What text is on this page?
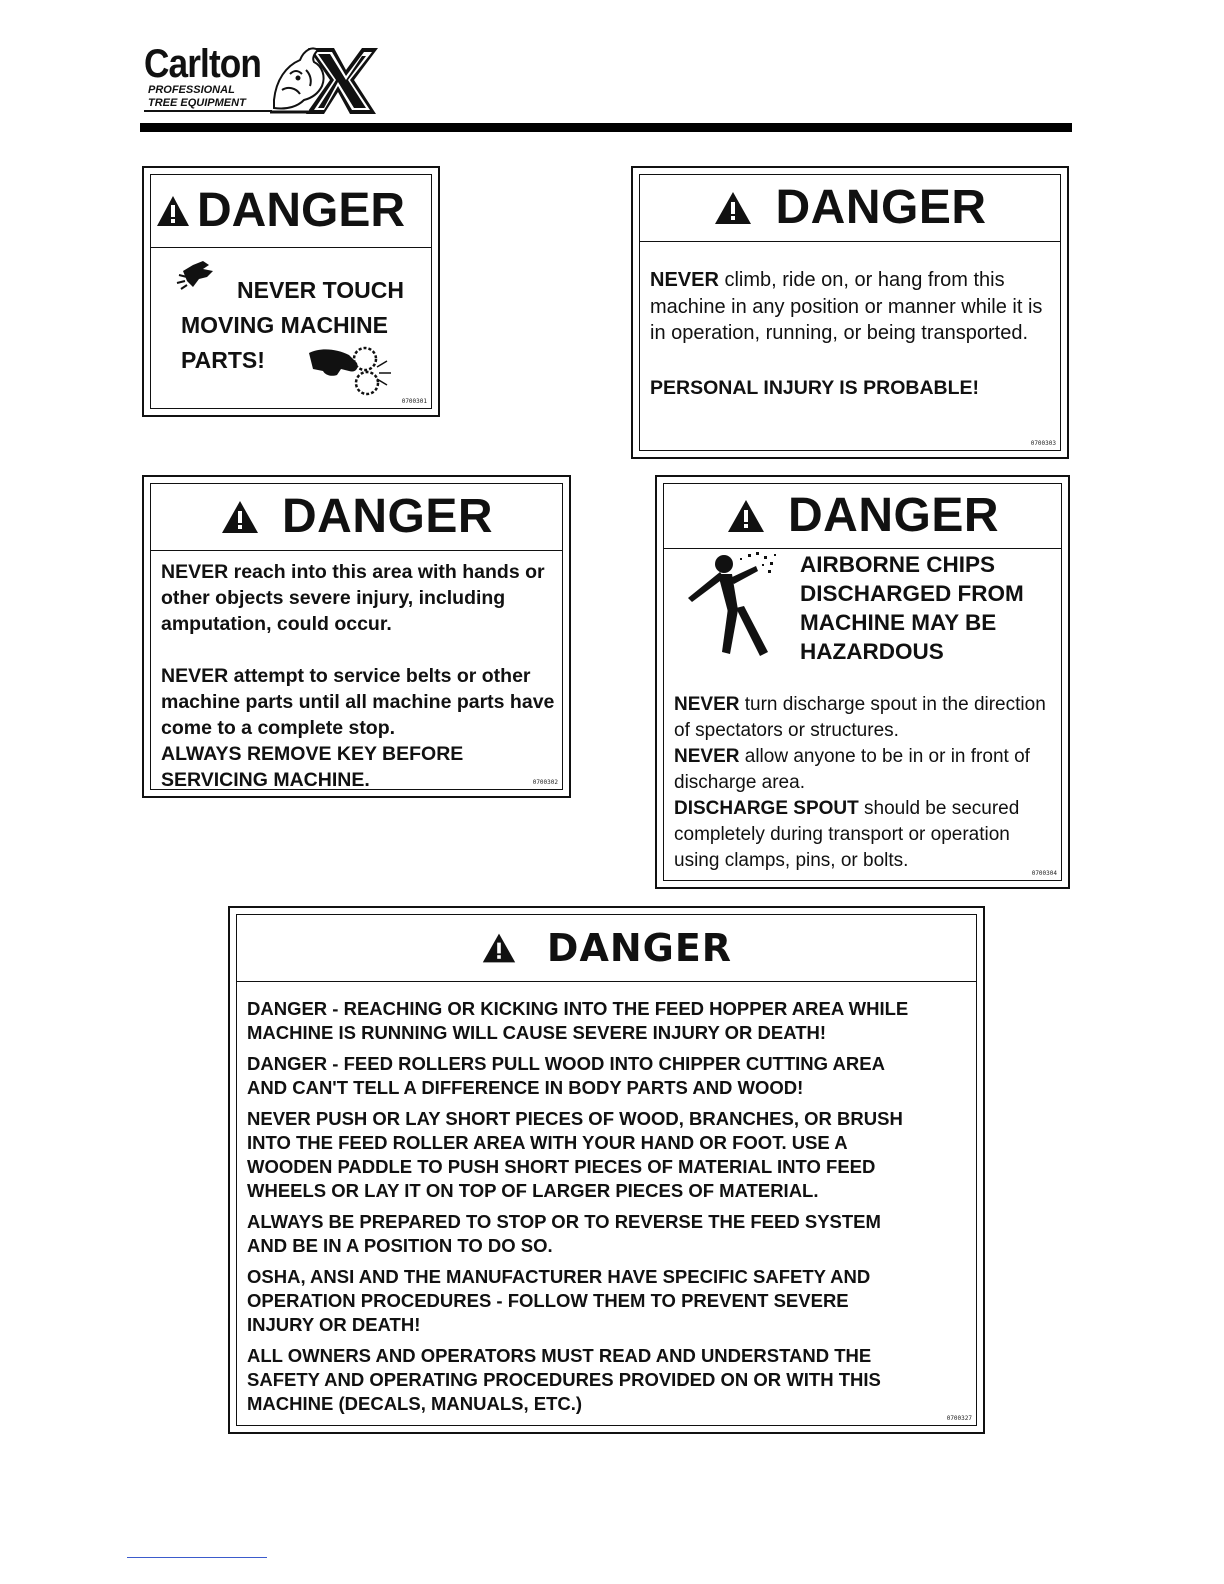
Carlton
PROFESSIONAL
TREE EQUIPMENT
DANGER

NEVER TOUCH

MOVING MACHINE

PARTS!

0700301
DANGER

NEVER climb, ride on, or hang from this machine in any position or manner while it is in operation, running, or being transported.

PERSONAL INJURY IS PROBABLE!

0700303
DANGER

NEVER reach into this area with hands or other objects severe injury, including amputation, could occur.

NEVER attempt to service belts or other machine parts until all machine parts have come to a complete stop.

ALWAYS REMOVE KEY BEFORE SERVICING MACHINE.	0700302
DANGER

AIRBORNE CHIPS

DISCHARGED FROM

MACHINE MAY BE

HAZARDOUS

NEVER turn discharge spout in the direction of spectators or structures.

NEVER allow anyone to be in or in front of discharge area.

DISCHARGE SPOUT should be secured completely during transport or operation using clamps, pins, or bolts.

0700304
DANGER

DANGER - REACHING OR KICKING INTO THE FEED HOPPER AREA WHILE
MACHINE IS RUNNING WILL CAUSE SEVERE INJURY OR DEATH!

DANGER - FEED ROLLERS PULL WOOD INTO CHIPPER CUTTING AREA
AND CAN'T TELL A DIFFERENCE IN BODY PARTS AND WOOD!

NEVER PUSH OR LAY SHORT PIECES OF WOOD, BRANCHES, OR BRUSH
INTO THE FEED ROLLER AREA WITH YOUR HAND OR FOOT. USE A
WOODEN PADDLE TO PUSH SHORT PIECES OF MATERIAL INTO FEED
WHEELS OR LAY IT ON TOP OF LARGER PIECES OF MATERIAL.

ALWAYS BE PREPARED TO STOP OR TO REVERSE THE FEED SYSTEM
AND BE IN A POSITION TO DO SO.

OSHA, ANSI AND THE MANUFACTURER HAVE SPECIFIC SAFETY AND
OPERATION PROCEDURES - FOLLOW THEM TO PREVENT SEVERE
INJURY OR DEATH!

ALL OWNERS AND OPERATORS MUST READ AND UNDERSTAND THE
SAFETY AND OPERATING PROCEDURES PROVIDED ON OR WITH THIS
MACHINE (DECALS, MANUALS, ETC.)

0700327
